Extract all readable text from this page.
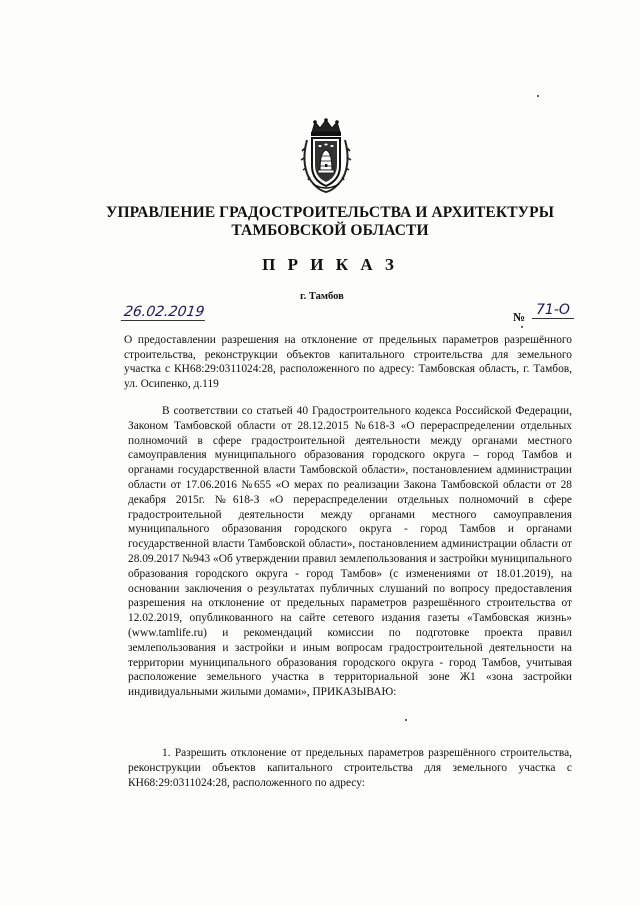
УПРАВЛЕНИЕ ГРАДОСТРОИТЕЛЬСТВА И АРХИТЕКТУРЫ
ТАМБОВСКОЙ ОБЛАСТИ
П Р И К А З
г. Тамбов
26.02.2019	№ 71-О
О предоставлении разрешения на отклонение от предельных параметров разрешённого строительства, реконструкции объектов капитального строительства для земельного участка с КН68:29:0311024:28, расположенного по адресу: Тамбовская область, г. Тамбов, ул. Осипенко, д.119

В соответствии со статьей 40 Градостроительного кодекса Российской Федерации, Законом Тамбовской области от 28.12.2015 №618-З «О перераспределении отдельных полномочий в сфере градостроительной деятельности между органами местного самоуправления муниципального образования городского округа – город Тамбов и органами государственной власти Тамбовской области», постановлением администрации области от 17.06.2016 №655 «О мерах по реализации Закона Тамбовской области от 28 декабря 2015г. №618-З «О перераспределении отдельных полномочий в сфере градостроительной деятельности между органами местного самоуправления муниципального образования городского округа - город Тамбов и органами государственной власти Тамбовской области», постановлением администрации области от 28.09.2017 №943 «Об утверждении правил землепользования и застройки муниципального образования городского округа - город Тамбов» (с изменениями от 18.01.2019), на основании заключения о результатах публичных слушаний по вопросу предоставления разрешения на отклонение от предельных параметров разрешённого строительства от 12.02.2019, опубликованного на сайте сетевого издания газеты «Тамбовская жизнь» (www.tamlife.ru) и рекомендаций комиссии по подготовке проекта правил землепользования и застройки и иным вопросам градостроительной деятельности на территории муниципального образования городского округа - город Тамбов, учитывая расположение земельного участка в территориальной зоне Ж1 «зона застройки индивидуальными жилыми домами», ПРИКАЗЫВАЮ:

1. Разрешить отклонение от предельных параметров разрешённого строительства, реконструкции объектов капитального строительства для земельного участка с КН68:29:0311024:28, расположенного по адресу:
